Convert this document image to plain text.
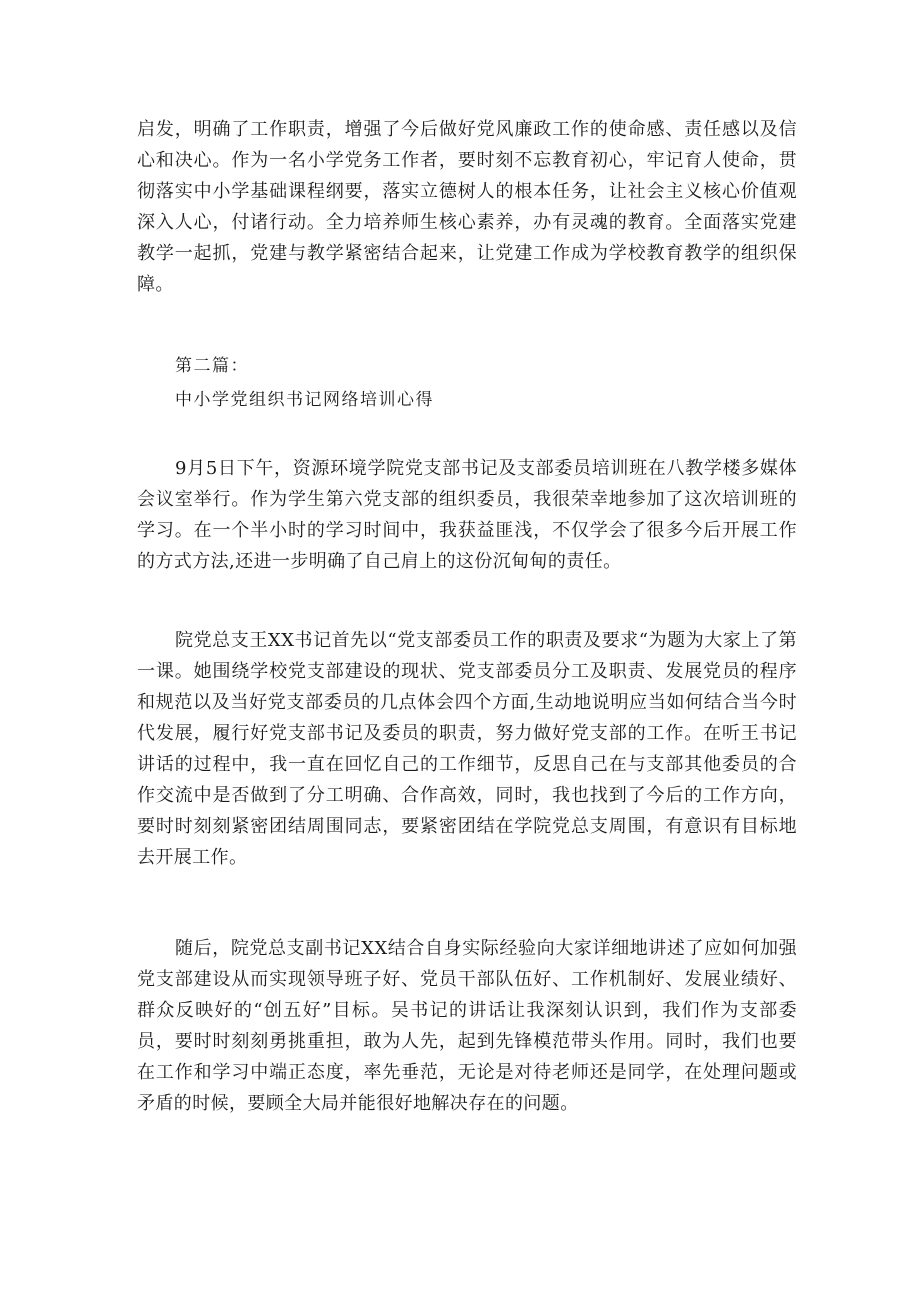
启发，明确了工作职责，增强了今后做好党风廉政工作的使命感、责任感以及信心和决心。作为一名小学党务工作者，要时刻不忘教育初心，牢记育人使命，贯彻落实中小学基础课程纲要，落实立德树人的根本任务，让社会主义核心价值观深入人心，付诸行动。全力培养师生核心素养，办有灵魂的教育。全面落实党建教学一起抓，党建与教学紧密结合起来，让党建工作成为学校教育教学的组织保障。

第二篇：

中小学党组织书记网络培训心得

9月5日下午，资源环境学院党支部书记及支部委员培训班在八教学楼多媒体会议室举行。作为学生第六党支部的组织委员，我很荣幸地参加了这次培训班的学习。在一个半小时的学习时间中，我获益匪浅，不仅学会了很多今后开展工作的方式方法,还进一步明确了自己肩上的这份沉甸甸的责任。

院党总支王XX书记首先以“党支部委员工作的职责及要求“为题为大家上了第一课。她围绕学校党支部建设的现状、党支部委员分工及职责、发展党员的程序和规范以及当好党支部委员的几点体会四个方面,生动地说明应当如何结合当今时代发展，履行好党支部书记及委员的职责，努力做好党支部的工作。在听王书记讲话的过程中，我一直在回忆自己的工作细节，反思自己在与支部其他委员的合作交流中是否做到了分工明确、合作高效，同时，我也找到了今后的工作方向，要时时刻刻紧密团结周围同志，要紧密团结在学院党总支周围，有意识有目标地去开展工作。

随后，院党总支副书记XX结合自身实际经验向大家详细地讲述了应如何加强党支部建设从而实现领导班子好、党员干部队伍好、工作机制好、发展业绩好、群众反映好的“创五好”目标。吴书记的讲话让我深刻认识到，我们作为支部委员，要时时刻刻勇挑重担，敢为人先，起到先锋模范带头作用。同时，我们也要在工作和学习中端正态度，率先垂范，无论是对待老师还是同学，在处理问题或矛盾的时候，要顾全大局并能很好地解决存在的问题。
